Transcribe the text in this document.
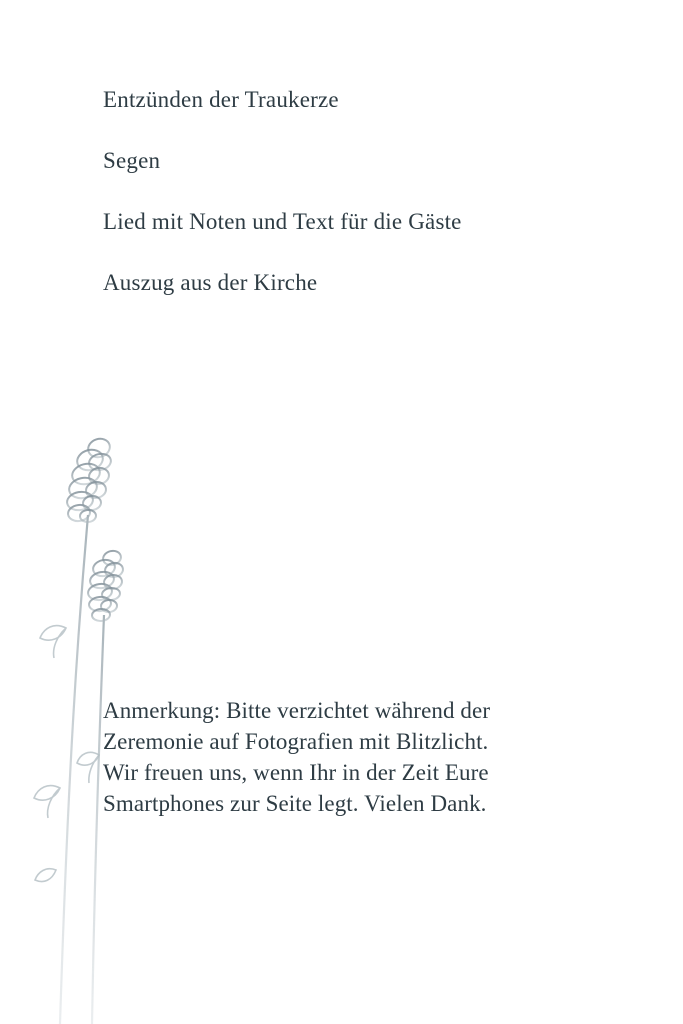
Entzünden der Traukerze
Segen
Lied mit Noten und Text für die Gäste
Auszug aus der Kirche
Anmerkung: Bitte verzichtet während der
Zeremonie auf Fotografien mit Blitzlicht.
Wir freuen uns, wenn Ihr in der Zeit Eure
Smartphones zur Seite legt. Vielen Dank.
